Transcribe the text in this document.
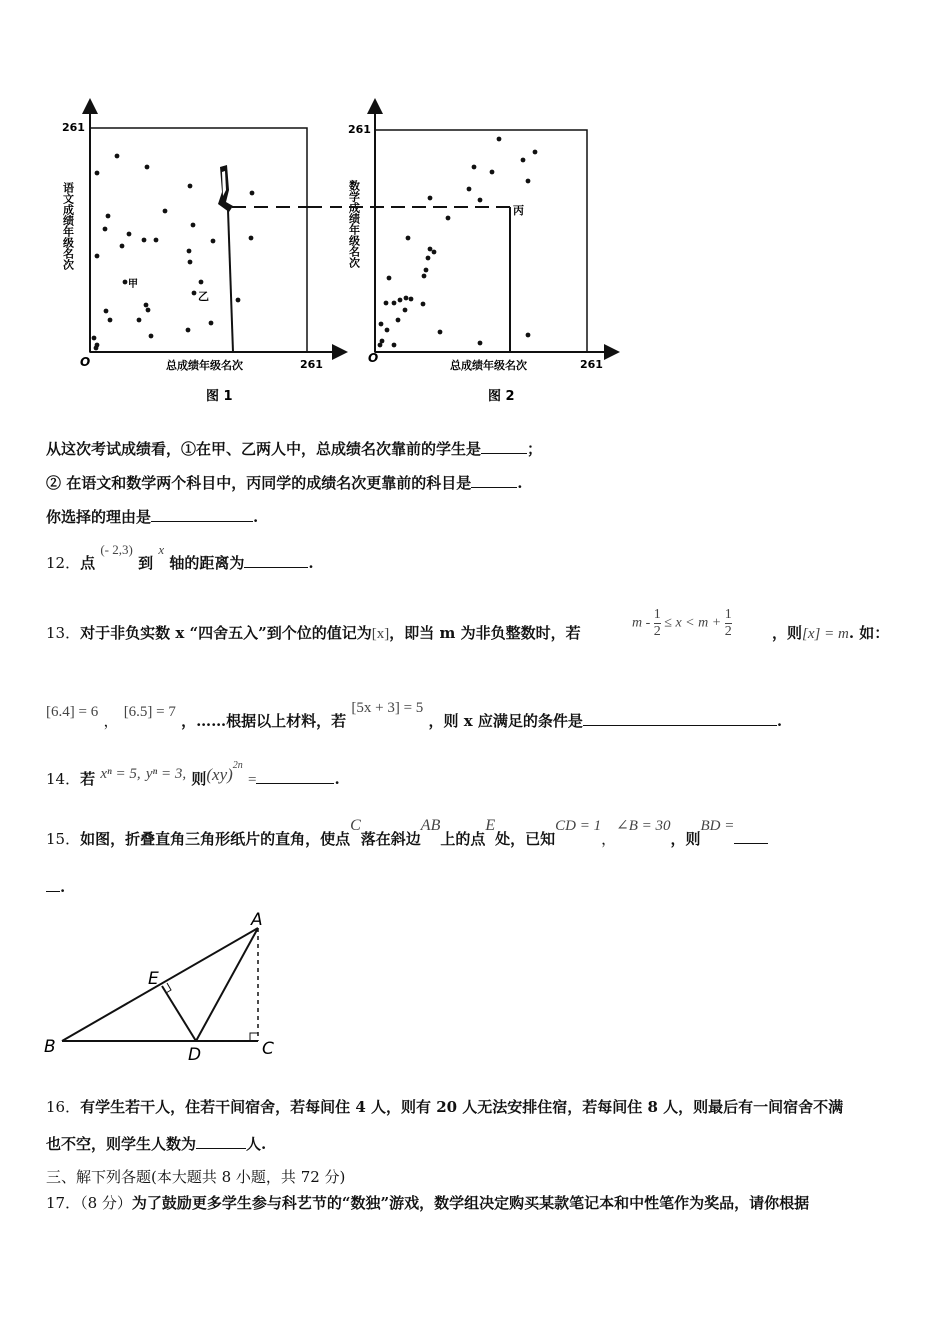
261
261
O	总成绩年级名次
语文成绩年级名次
图 1
甲
乙
261
261
O
总成绩年级名次
数学成绩年级名次
图 2
丙
从这次考试成绩看，①在甲、乙两人中，总成绩名次靠前的学生是	；
② 在语文和数学两个科目中，丙同学的成绩名次更靠前的科目是	.
你选择的理由是	.
12．点 (- 2,3) 到 x 轴的距离为	.
13．对于非负实数 x “四舍五入”到个位的值记为[x]，即当 m 为非负整数时，若
$m - \frac{1}{2} \le x < m + \frac{1}{2}$	，则[x] = m. 如：
[6.4] = 6 ， [6.5] = 7 ，……根据以上材料，若 [5x + 3] = 5 ，则 x 应满足的条件是	.
14．若 xⁿ = 5, yⁿ = 3, 则(xy)$^{2n}$ =	.
15．如图，折叠直角三角形纸片的直角，使点C落在斜边AB上的点E处，已知CD = 1，∠B = 30，则BD =
.
A
B	C
D
E
16．有学生若干人，住若干间宿舍，若每间住 4 人，则有 20 人无法安排住宿，若每间住 8 人，则最后有一间宿舍不满
也不空，则学生人数为	人.
三、解下列各题(本大题共 8 小题，共 72 分)
17．（8 分）为了鼓励更多学生参与科艺节的“数独”游戏，数学组决定购买某款笔记本和中性笔作为奖品，请你根据
